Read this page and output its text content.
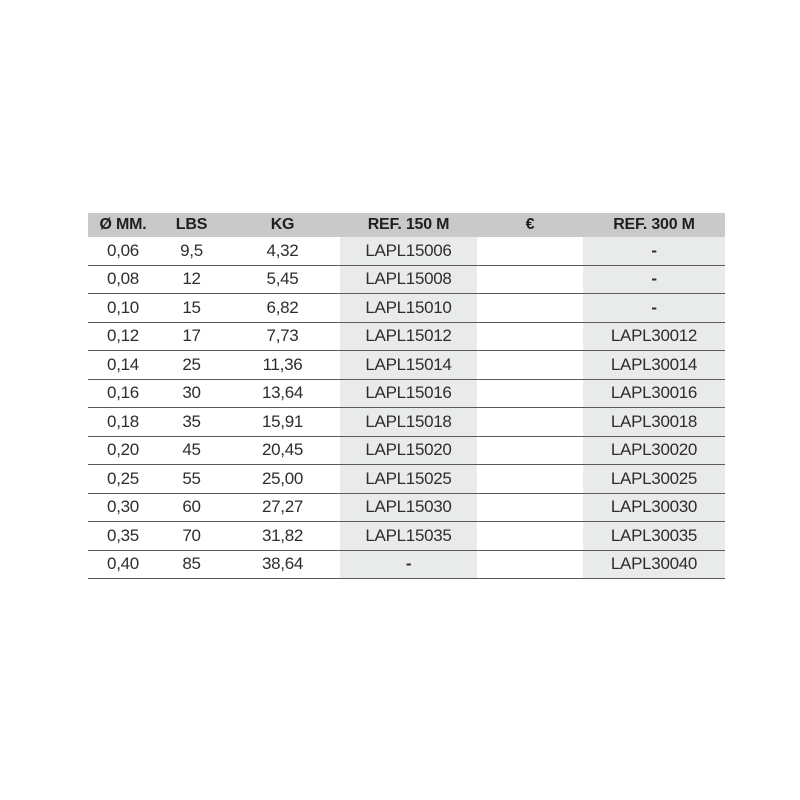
Ø MM.	LBS	KG	REF. 150 M	€	REF. 300 M
0,06	9,5	4,32	LAPL15006		-
0,08	12	5,45	LAPL15008		-
0,10	15	6,82	LAPL15010		-
0,12	17	7,73	LAPL15012		LAPL30012
0,14	25	11,36	LAPL15014		LAPL30014
0,16	30	13,64	LAPL15016		LAPL30016
0,18	35	15,91	LAPL15018		LAPL30018
0,20	45	20,45	LAPL15020		LAPL30020
0,25	55	25,00	LAPL15025		LAPL30025
0,30	60	27,27	LAPL15030		LAPL30030
0,35	70	31,82	LAPL15035		LAPL30035
0,40	85	38,64	-		LAPL30040
